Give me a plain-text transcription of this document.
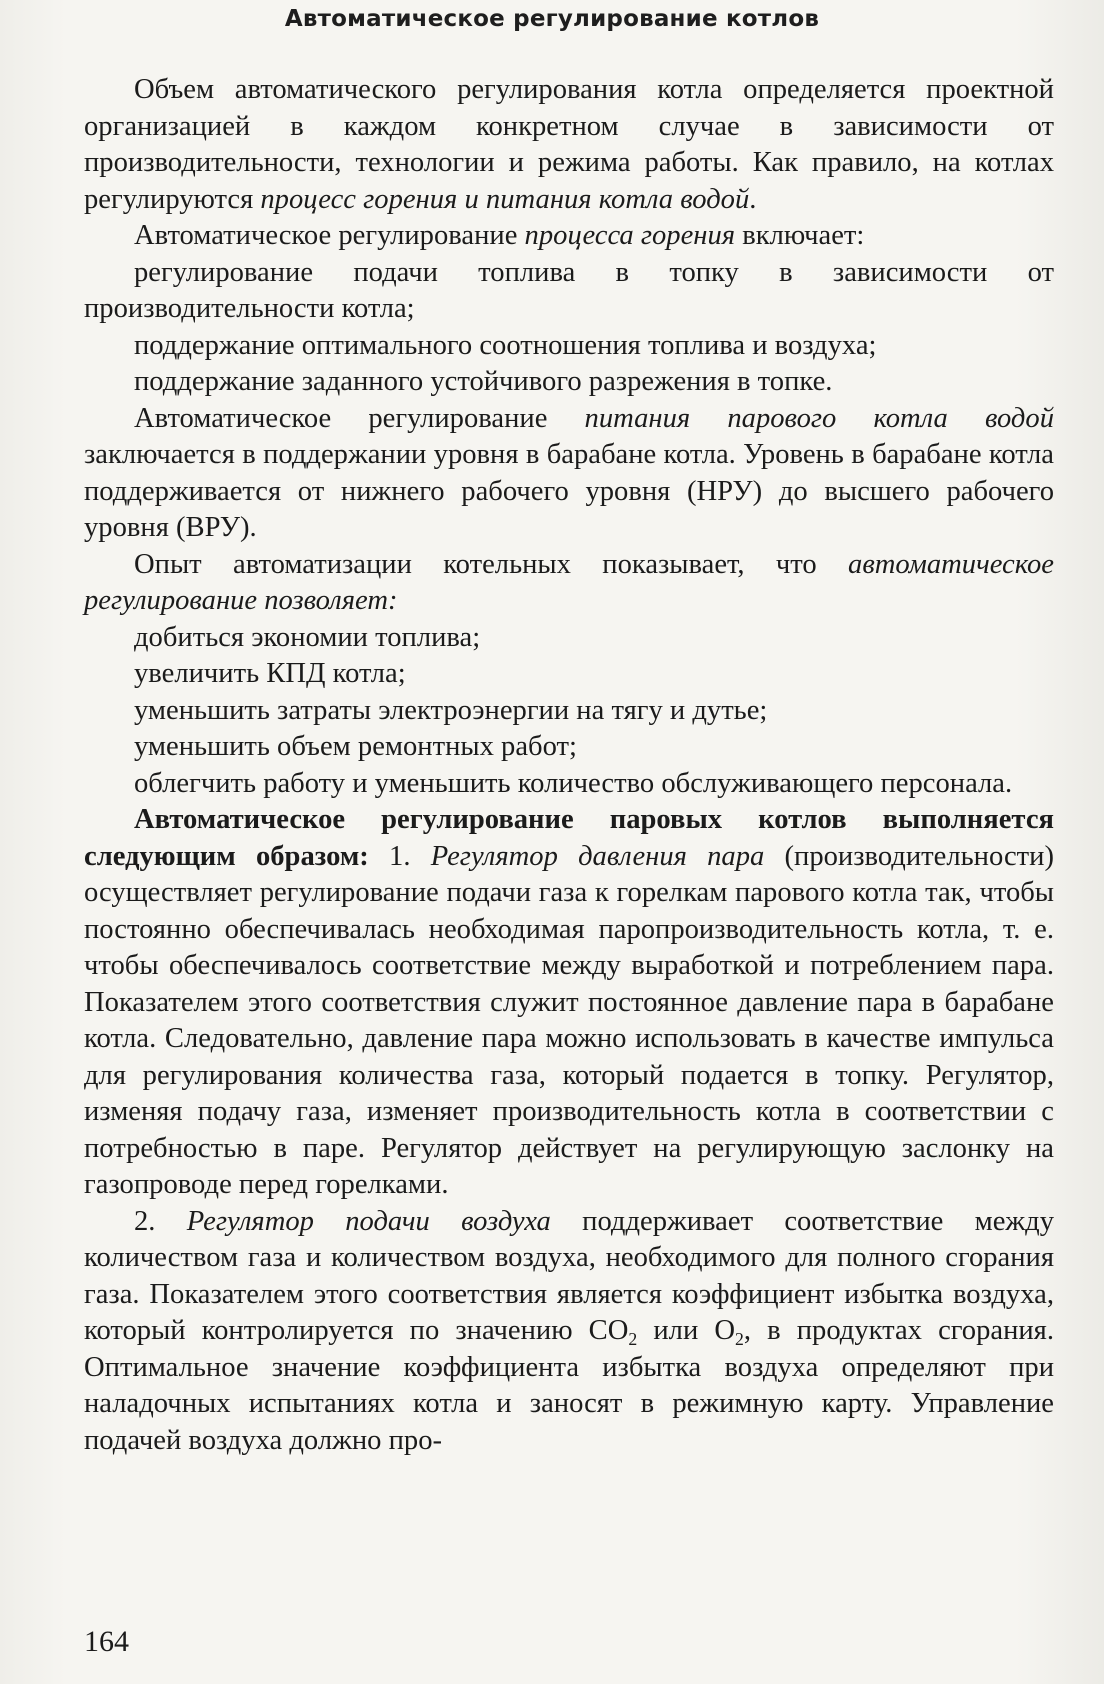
Автоматическое регулирование котлов

Объем автоматического регулирования котла определяется проектной организацией в каждом конкретном случае в зависимости от производительности, технологии и режима работы. Как правило, на котлах регулируются процесс горения и питания котла водой.

Автоматическое регулирование процесса горения включает:

регулирование подачи топлива в топку в зависимости от производительности котла;

поддержание оптимального соотношения топлива и воздуха;

поддержание заданного устойчивого разрежения в топке.

Автоматическое регулирование питания парового котла водой заключается в поддержании уровня в барабане котла. Уровень в барабане котла поддерживается от нижнего рабочего уровня (НРУ) до высшего рабочего уровня (ВРУ).

Опыт автоматизации котельных показывает, что автоматическое регулирование позволяет:

добиться экономии топлива;

увеличить КПД котла;

уменьшить затраты электроэнергии на тягу и дутье;

уменьшить объем ремонтных работ;

облегчить работу и уменьшить количество обслуживающего персонала.

Автоматическое регулирование паровых котлов выполняется следующим образом: 1. Регулятор давления пара (производительности) осуществляет регулирование подачи газа к горелкам парового котла так, чтобы постоянно обеспечивалась необходимая паропроизводительность котла, т. е. чтобы обеспечивалось соответствие между выработкой и потреблением пара. Показателем этого соответствия служит постоянное давление пара в барабане котла. Следовательно, давление пара можно использовать в качестве импульса для регулирования количества газа, который подается в топку. Регулятор, изменяя подачу газа, изменяет производительность котла в соответствии с потребностью в паре. Регулятор действует на регулирующую заслонку на газопроводе перед горелками.

2. Регулятор подачи воздуха поддерживает соответствие между количеством газа и количеством воздуха, необходимого для полного сгорания газа. Показателем этого соответствия является коэффициент избытка воздуха, который контролируется по значению $CO_2$ или $O_2$, в продуктах сгорания. Оптимальное значение коэффициента избытка воздуха определяют при наладочных испытаниях котла и заносят в режимную карту. Управление подачей воздуха должно про-

164
